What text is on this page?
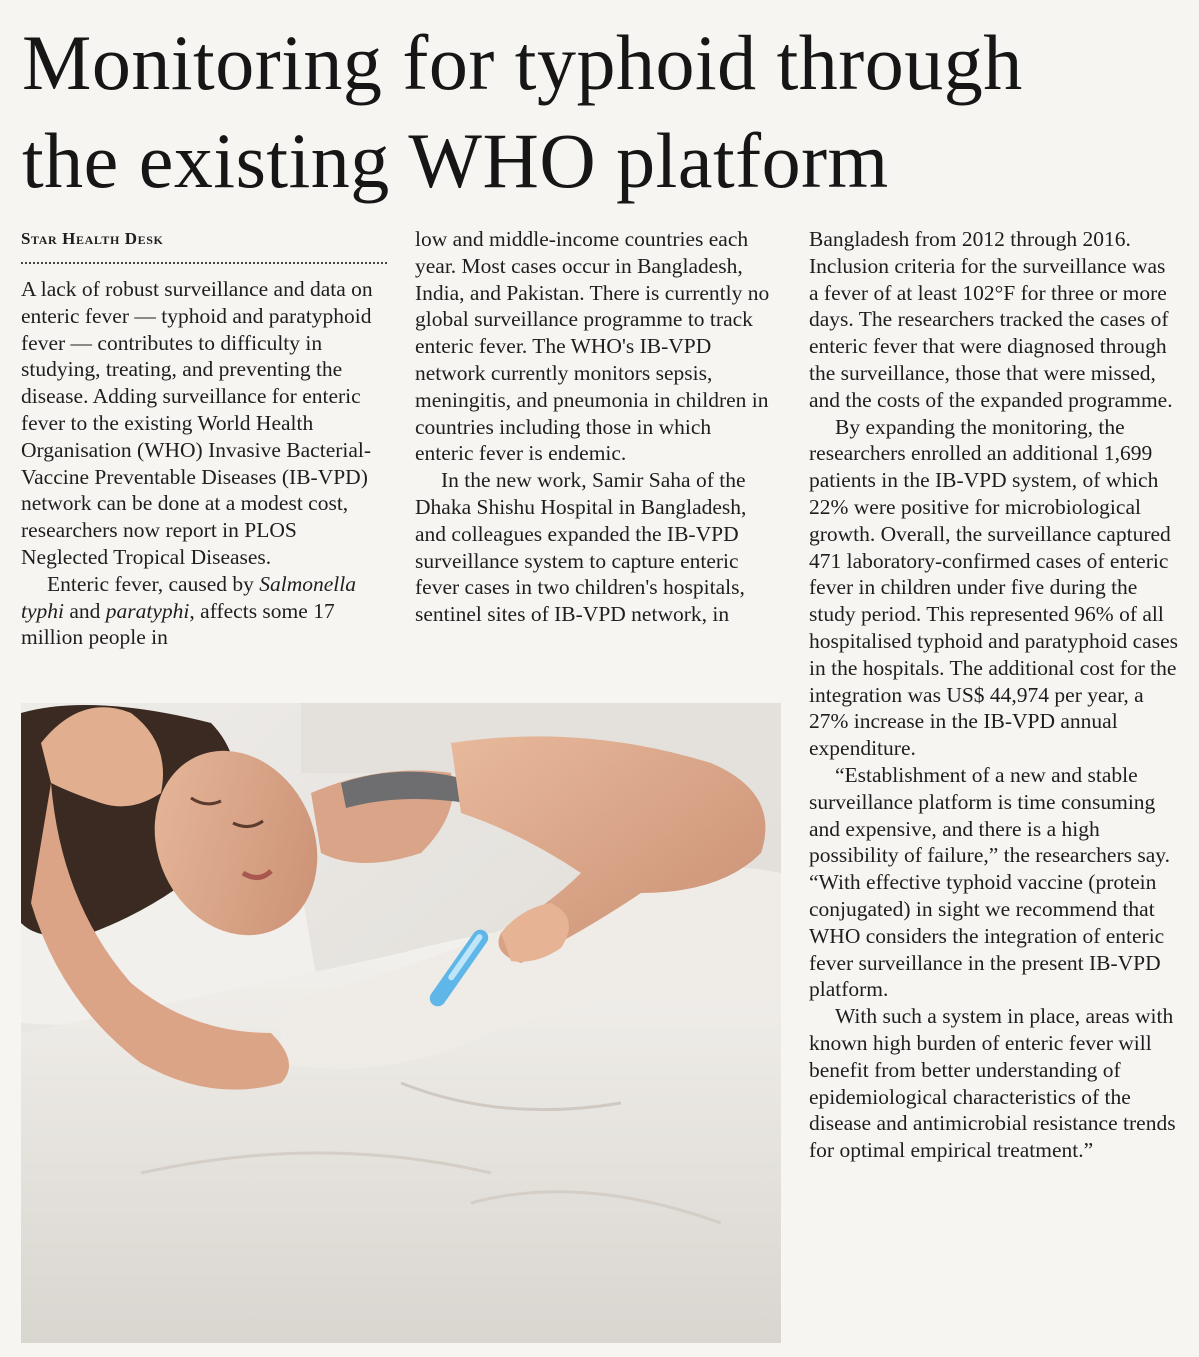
Monitoring for typhoid through
the existing WHO platform
Star Health Desk

A lack of robust surveillance and data on enteric fever — typhoid and paratyphoid fever — contributes to difficulty in studying, treating, and preventing the disease. Adding surveillance for enteric fever to the existing World Health Organisation (WHO) Invasive Bacterial-Vaccine Preventable Diseases (IB-VPD) network can be done at a modest cost, researchers now report in PLOS Neglected Tropical Diseases.

Enteric fever, caused by Salmonella typhi and paratyphi, affects some 17 million people in

low and middle-income countries each year. Most cases occur in Bangladesh, India, and Pakistan. There is currently no global surveillance programme to track enteric fever. The WHO's IB-VPD network currently monitors sepsis, meningitis, and pneumonia in children in countries including those in which enteric fever is endemic.

In the new work, Samir Saha of the Dhaka Shishu Hospital in Bangladesh, and colleagues expanded the IB-VPD surveillance system to capture enteric fever cases in two children's hospitals, sentinel sites of IB-VPD network, in

Bangladesh from 2012 through 2016. Inclusion criteria for the surveillance was a fever of at least 102°F for three or more days. The researchers tracked the cases of enteric fever that were diagnosed through the surveillance, those that were missed, and the costs of the expanded programme.

By expanding the monitoring, the researchers enrolled an additional 1,699 patients in the IB-VPD system, of which 22% were positive for microbiological growth. Overall, the surveillance captured 471 laboratory-confirmed cases of enteric fever in children under five during the study period. This represented 96% of all hospitalised typhoid and paratyphoid cases in the hospitals. The additional cost for the integration was US$ 44,974 per year, a 27% increase in the IB-VPD annual expenditure.

“Establishment of a new and stable surveillance platform is time consuming and expensive, and there is a high possibility of failure,” the researchers say. “With effective typhoid vaccine (protein conjugated) in sight we recommend that WHO considers the integration of enteric fever surveillance in the present IB-VPD platform.

With such a system in place, areas with known high burden of enteric fever will benefit from better understanding of epidemiological characteristics of the disease and antimicrobial resistance trends for optimal empirical treatment.”
